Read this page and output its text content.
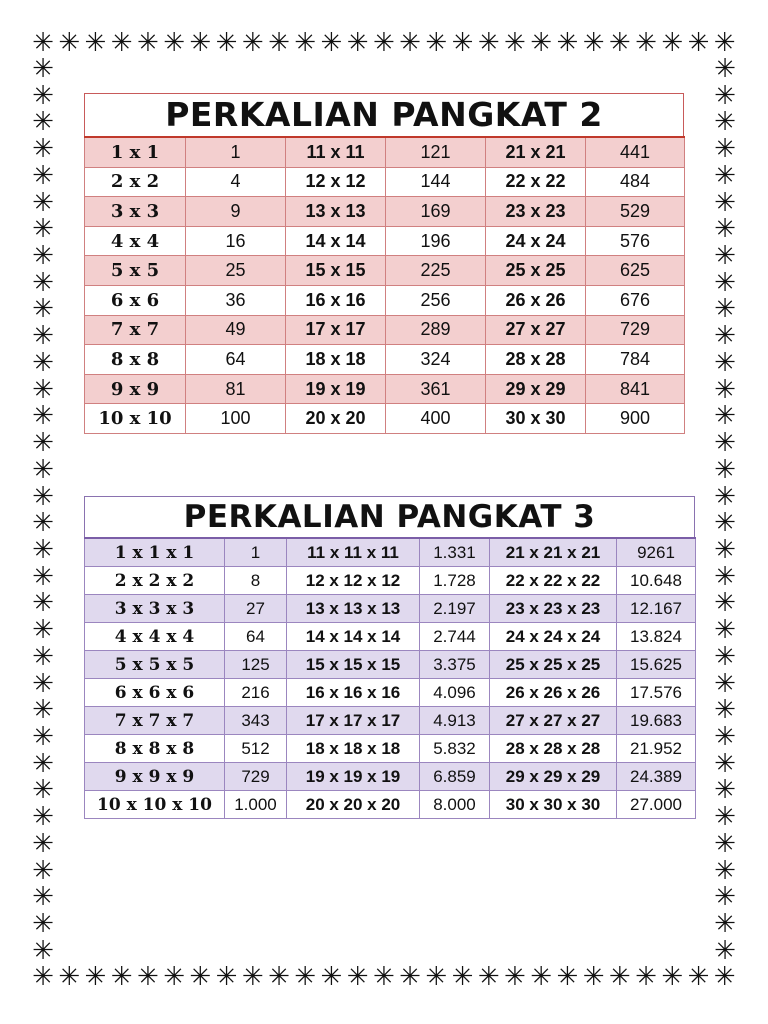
✳ ✳ ✳ ✳ ✳ ✳ ✳ ✳ ✳ ✳ ✳ ✳ ✳ ✳ ✳ ✳ ✳ ✳ ✳ ✳ ✳ ✳ ✳ ✳ ✳ ✳ ✳
✳
✳
✳
✳
✳
✳
✳
✳
✳
✳
✳
✳
✳
✳
✳
✳
✳
✳
✳
✳
✳
✳
✳
✳
✳
✳
✳
✳
✳
✳
✳
✳
✳
✳
✳
✳
✳
✳
✳
✳
✳
✳
✳
✳
✳
✳
✳
✳
✳
✳
✳
✳
✳
✳
✳
✳
✳
✳
✳
✳
✳
✳
✳
✳
✳
✳
✳
✳
✳ ✳ ✳ ✳ ✳ ✳ ✳ ✳ ✳ ✳ ✳ ✳ ✳ ✳ ✳ ✳ ✳ ✳ ✳ ✳ ✳ ✳ ✳ ✳ ✳ ✳ ✳
PERKALIAN PANGKAT 2
1 x 1	1	11 x 11	121	21 x 21	441
2 x 2	4	12 x 12	144	22 x 22	484
3 x 3	9	13 x 13	169	23 x 23	529
4 x 4	16	14 x 14	196	24 x 24	576
5 x 5	25	15 x 15	225	25 x 25	625
6 x 6	36	16 x 16	256	26 x 26	676
7 x 7	49	17 x 17	289	27 x 27	729
8 x 8	64	18 x 18	324	28 x 28	784
9 x 9	81	19 x 19	361	29 x 29	841
10 x 10	100	20 x 20	400	30 x 30	900
PERKALIAN PANGKAT 3
1 x 1 x 1	1	11 x 11 x 11	1.331	21 x 21 x 21	9261
2 x 2 x 2	8	12 x 12 x 12	1.728	22 x 22 x 22	10.648
3 x 3 x 3	27	13 x 13 x 13	2.197	23 x 23 x 23	12.167
4 x 4 x 4	64	14 x 14 x 14	2.744	24 x 24 x 24	13.824
5 x 5 x 5	125	15 x 15 x 15	3.375	25 x 25 x 25	15.625
6 x 6 x 6	216	16 x 16 x 16	4.096	26 x 26 x 26	17.576
7 x 7 x 7	343	17 x 17 x 17	4.913	27 x 27 x 27	19.683
8 x 8 x 8	512	18 x 18 x 18	5.832	28 x 28 x 28	21.952
9 x 9 x 9	729	19 x 19 x 19	6.859	29 x 29 x 29	24.389
10 x 10 x 10	1.000	20 x 20 x 20	8.000	30 x 30 x 30	27.000
